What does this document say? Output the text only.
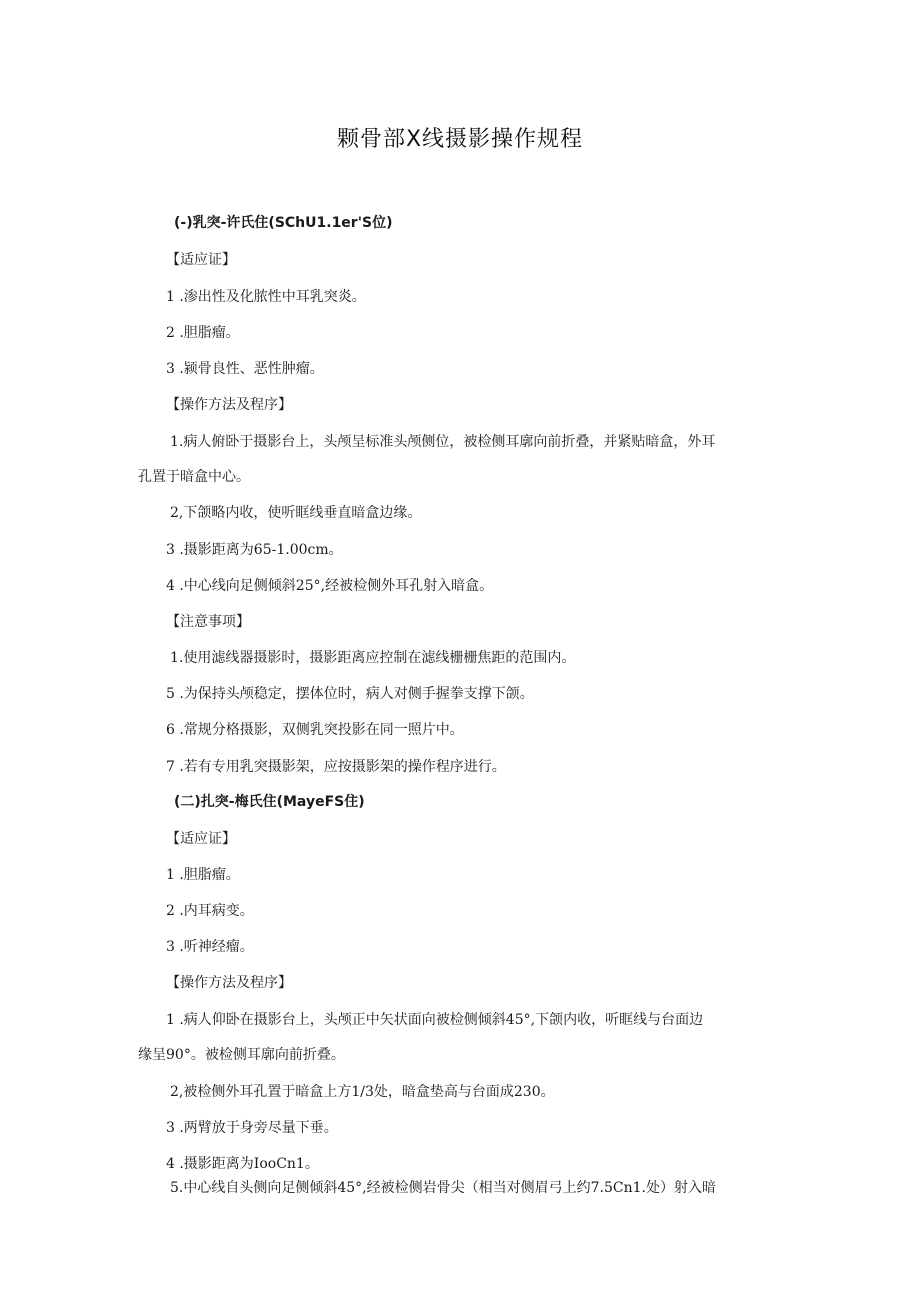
颗骨部X线摄影操作规程
(-)乳突-许氏住(SChU1.1er'S位)
【适应证】
1 .渗出性及化脓性中耳乳突炎。
2 .胆脂瘤。
3 .颍骨良性、恶性肿瘤。
【操作方法及程序】
1.病人俯卧于摄影台上，头颅呈标准头颅侧位，被检侧耳廓向前折叠，并紧贴暗盒，外耳
孔置于暗盒中心。
2,下颌略内收，使听眶线垂直暗盒边缘。
3 .摄影距离为65-1.00cm。
4 .中心线向足侧倾斜25°,经被检侧外耳孔射入暗盒。
【注意事项】
1.使用滤线器摄影时，摄影距离应控制在滤线栅栅焦距的范围内。
5 .为保持头颅稳定，摆体位时，病人对侧手握拳支撑下颌。
6 .常规分格摄影，双侧乳突投影在同一照片中。
7 .若有专用乳突摄影架，应按摄影架的操作程序进行。
(二)扎突-梅氏住(MayeFS住)
【适应证】
1 .胆脂瘤。
2 .内耳病变。
3 .听神经瘤。
【操作方法及程序】
1 .病人仰卧在摄影台上，头颅正中矢状面向被检侧倾斜45°,下颌内收，听眶线与台面边
缘呈90°。被检侧耳廓向前折叠。
2,被检侧外耳孔置于暗盒上方1/3处，暗盒垫高与台面成230。
3 .两臂放于身旁尽量下垂。
4 .摄影距离为IooCn1。
5.中心线自头侧向足侧倾斜45°,经被检侧岩骨尖（相当对侧眉弓上约7.5Cn1.处）射入暗
